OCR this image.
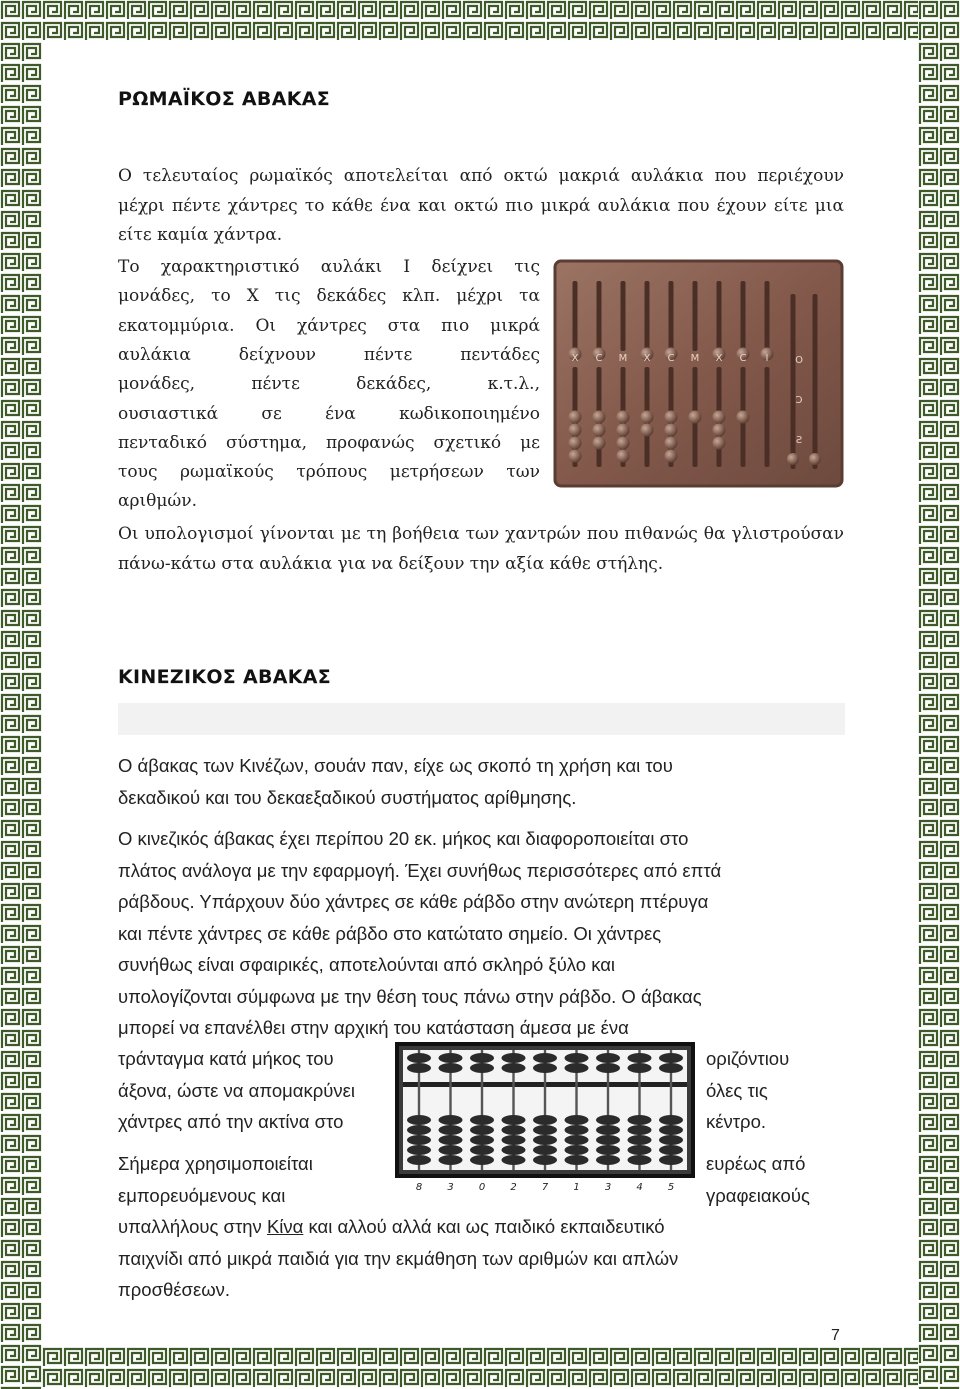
ΡΩΜΑΪΚΟΣ ΑΒΑΚΑΣ
Ο τελευταίος ρωμαϊκός αποτελείται από οκτώ μακριά αυλάκια που περιέχουν μέχρι πέντε χάντρες το κάθε ένα και οκτώ πιο μικρά αυλάκια που έχουν είτε μια είτε καμία χάντρα.
Το χαρακτηριστικό αυλάκι I δείχνει τις
μονάδες, το X τις δεκάδες κλπ. μέχρι τα
εκατομμύρια. Οι χάντρες στα πιο μικρά
αυλάκια δείχνουν πέντε πεντάδες
μονάδες, πέντε δεκάδες, κ.τ.λ.,
ουσιαστικά σε ένα κωδικοποιημένο
πενταδικό σύστημα, προφανώς σχετικό με
τους ρωμαϊκούς τρόπους μετρήσεων των
αριθμών.
X C M X C M X C I	O
Ɔ
Ƨ
Οι υπολογισμοί γίνονται με τη βοήθεια των χαντρών που πιθανώς θα γλιστρούσαν πάνω-κάτω στα αυλάκια για να δείξουν την αξία κάθε στήλης.
ΚΙΝΕΖΙΚΟΣ ΑΒΑΚΑΣ
Ο άβακας των Κινέζων, σουάν παν, είχε ως σκοπό τη χρήση και του
δεκαδικού και του δεκαεξαδικού συστήματος αρίθμησης.
Ο κινεζικός άβακας έχει περίπου 20 εκ. μήκος και διαφοροποιείται στο
πλάτος ανάλογα με την εφαρμογή. Έχει συνήθως περισσότερες από επτά
ράβδους. Υπάρχουν δύο χάντρες σε κάθε ράβδο στην ανώτερη πτέρυγα
και πέντε χάντρες σε κάθε ράβδο στο κατώτατο σημείο. Οι χάντρες
συνήθως είναι σφαιρικές, αποτελούνται από σκληρό ξύλο και
υπολογίζονται σύμφωνα με την θέση τους πάνω στην ράβδο. Ο άβακας
μπορεί να επανέλθει στην αρχική του κατάσταση άμεσα με ένα
τράνταγμα κατά μήκος του
άξονα, ώστε να απομακρύνει
χάντρες από την ακτίνα στο
οριζόντιου
όλες τις
κέντρο.
8	3	0	2	7	1	3	4	5
Σήμερα χρησιμοποιείται
εμπορευόμενους και
ευρέως από
γραφειακούς
υπαλλήλους στην Κίνα και αλλού αλλά και ως παιδικό εκπαιδευτικό
παιχνίδι από μικρά παιδιά για την εκμάθηση των αριθμών και απλών
προσθέσεων.
7
